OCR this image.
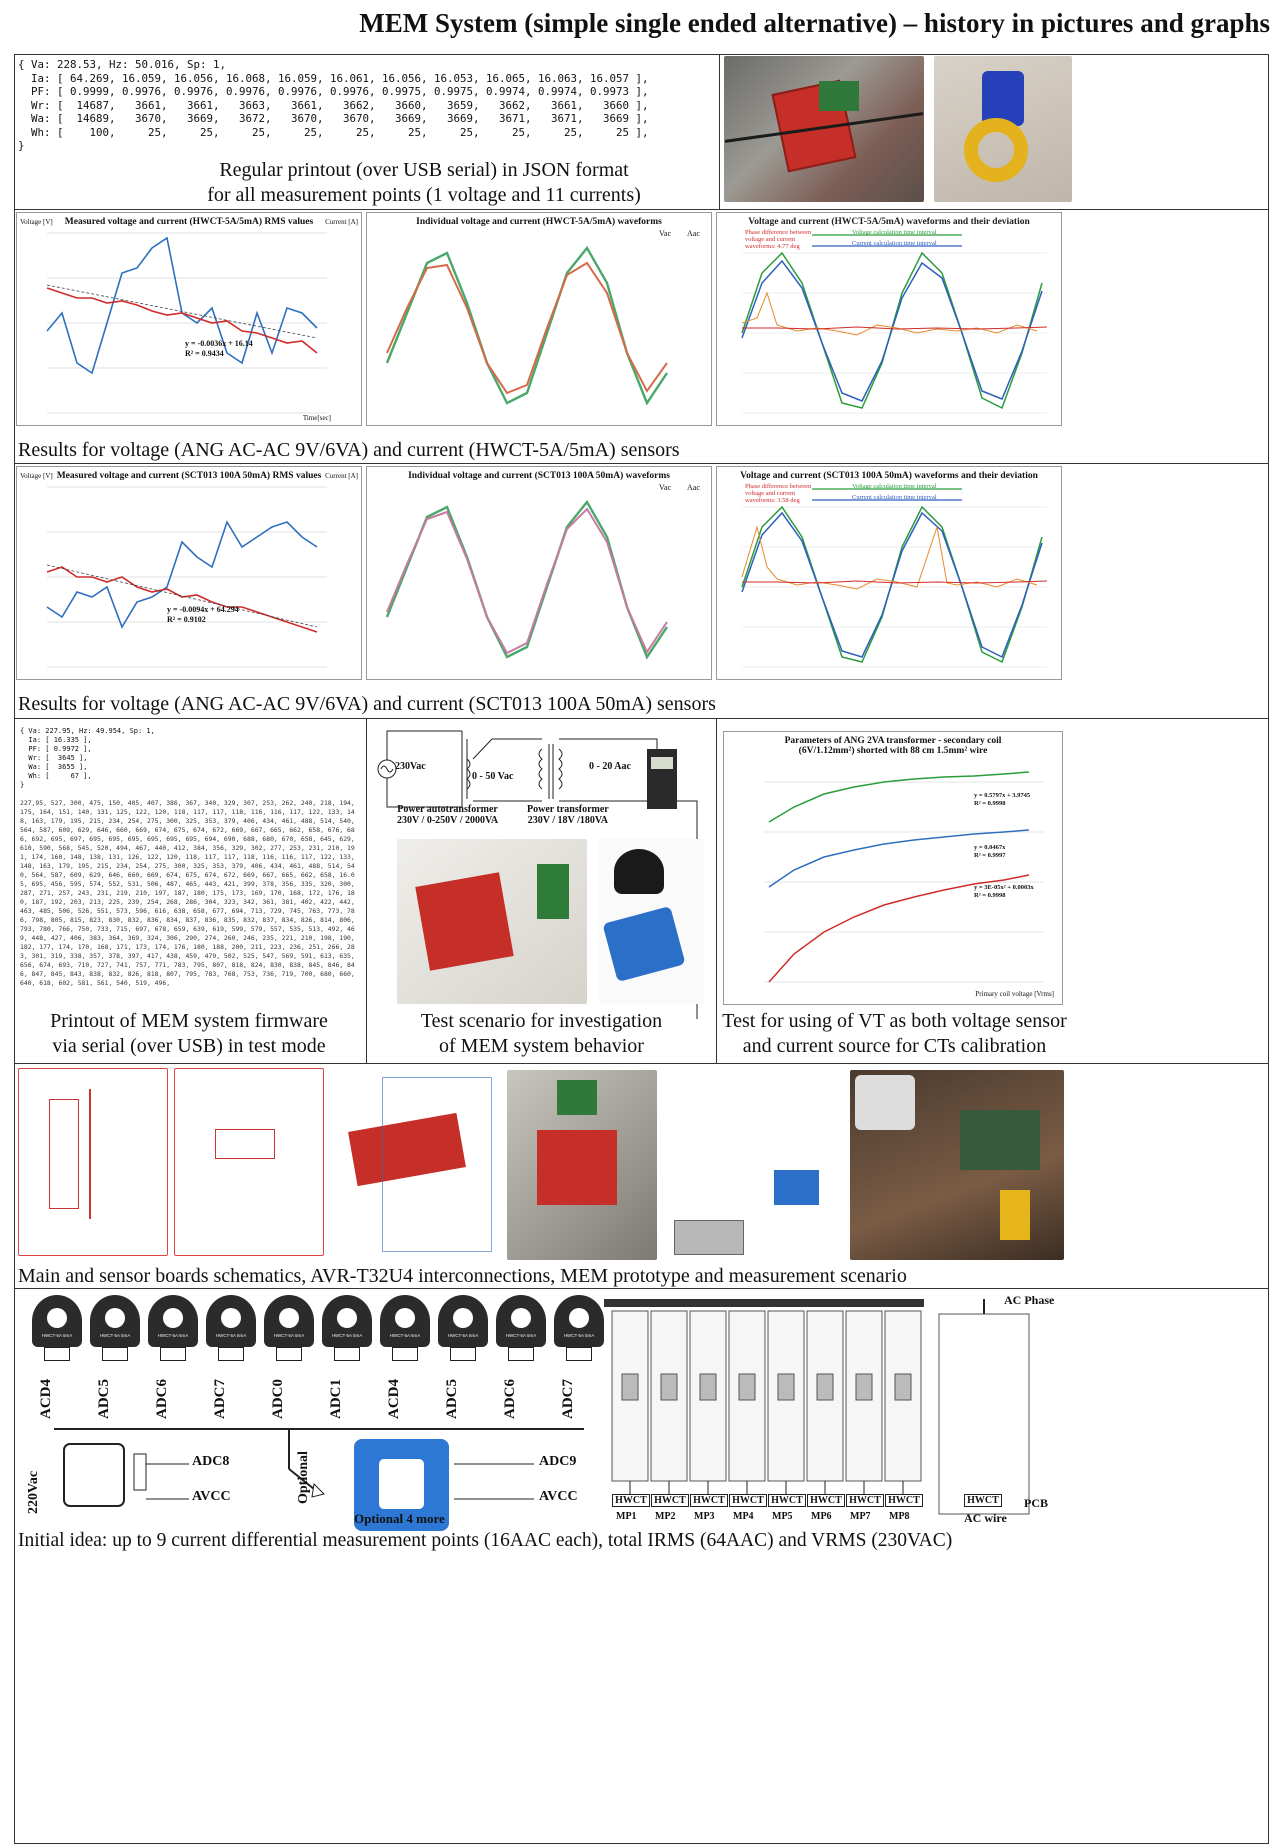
MEM System (simple single ended alternative) – history in pictures and graphs
{ Va: 228.53, Hz: 50.016, Sp: 1,
Ia: [ 64.269, 16.059, 16.056, 16.068, 16.059, 16.061, 16.056, 16.053, 16.065, 16.063, 16.057 ],
PF: [ 0.9999, 0.9976, 0.9976, 0.9976, 0.9976, 0.9976, 0.9975, 0.9975, 0.9974, 0.9974, 0.9973 ],
Wr: [  14687,   3661,   3661,   3663,   3661,   3662,   3660,   3659,   3662,   3661,   3660 ],
Wa: [  14689,   3670,   3669,   3672,   3670,   3670,   3669,   3669,   3671,   3671,   3669 ],
Wh: [    100,     25,     25,     25,     25,     25,     25,     25,     25,     25,     25 ],
}
Regular printout (over USB serial) in JSON format
for all measurement points (1 voltage and 11 currents)
Measured voltage and current (HWCT-5A/5mA) RMS values
y = -0.0036x + 16.14
R² = 0.9434
Voltage [V]	Current [A]
Time[sec]
Individual voltage and current (HWCT-5A/5mA) waveforms
Vac Aac
Voltage and current (HWCT-5A/5mA) waveforms and their deviation
Phase difference between voltage and current waveforms: 4.77 deg
Voltage calculation time interval
Current calculation time interval
Results for voltage (ANG AC-AC 9V/6VA) and current (HWCT-5A/5mA) sensors
Measured voltage and current (SCT013 100A 50mA) RMS values
y = -0.0094x + 64.294
R² = 0.9102
Voltage [V]	Current [A]	Individual voltage and current (SCT013 100A 50mA) waveforms
Vac Aac
Voltage and current (SCT013 100A 50mA) waveforms and their deviation
Phase difference between voltage and current waveforms: 3.58 deg
Voltage calculation time interval
Current calculation time interval
Results for voltage (ANG AC-AC 9V/6VA) and current (SCT013 100A 50mA) sensors
{ Va: 227.95, Hz: 49.954, Sp: 1,
Ia: [ 16.335 ],
PF: [ 0.9972 ],
Wr: [  3645 ],
Wa: [  3655 ],
Wh: [     67 ],
}
227,95, 527, 300, 475, 150, 405, 407, 386, 367, 340, 329, 307, 253, 262, 240, 218, 194, 175, 164, 151, 140, 131, 125, 122, 120, 118, 117, 117, 118, 116, 116, 117, 122, 133, 148, 163, 179, 195, 215, 234, 254, 275, 300, 325, 353, 379, 406, 434, 461, 488, 514, 540, 564, 587, 609, 629, 646, 660, 669, 674, 675, 674, 672, 669, 667, 665, 662, 658, 676, 686, 692, 695, 697, 695, 695, 695, 695, 695, 695, 694, 690, 688, 680, 670, 658, 645, 629, 610, 590, 568, 545, 520, 494, 467, 440, 412, 384, 356, 329, 302, 277, 253, 231, 210, 191, 174, 160, 148, 138, 131, 126, 122, 120, 118, 117, 117, 118, 116, 116, 117, 122, 133, 148, 163, 179, 195, 215, 234, 254, 275, 300, 325, 353, 379, 406, 434, 461, 488, 514, 540, 564, 587, 609, 629, 646, 660, 669, 674, 675, 674, 672, 669, 667, 665, 662, 658, 16.05, 695, 456, 595, 574, 552, 531, 506, 487, 465, 443, 421, 399, 378, 356, 335, 320, 300, 287, 271, 257, 243, 231, 219, 210, 197, 187, 180, 175, 173, 169, 170, 168, 172, 176, 180, 187, 192, 203, 213, 225, 239, 254, 268, 286, 304, 323, 342, 361, 381, 402, 422, 442, 463, 485, 506, 526, 551, 573, 596, 616, 638, 658, 677, 694, 713, 729, 745, 763, 773, 786, 798, 805, 815, 823, 830, 832, 836, 834, 837, 836, 835, 832, 837, 834, 826, 814, 806, 793, 780, 766, 750, 733, 715, 697, 678, 659, 639, 619, 599, 579, 557, 535, 513, 492, 469, 448, 427, 406, 383, 364, 369, 324, 306, 290, 274, 260, 246, 235, 221, 210, 198, 190, 182, 177, 174, 170, 168, 171, 173, 174, 176, 180, 188, 200, 211, 223, 236, 251, 266, 283, 301, 319, 338, 357, 378, 397, 417, 438, 459, 479, 502, 525, 547, 569, 591, 613, 635, 656, 674, 693, 710, 727, 741, 757, 771, 783, 795, 807, 818, 824, 830, 838, 845, 846, 846, 847, 845, 843, 838, 832, 826, 818, 807, 795, 783, 768, 753, 736, 719, 700, 680, 660, 640, 618, 602, 581, 561, 540, 519, 496,
Printout of MEM system firmware
via serial (over USB) in test mode
230Vac
0 - 50 Vac
0 - 20 Aac
Power autotransformer
230V / 0-250V / 2000VA
Power transformer
230V / 18V /180VA
Test scenario for investigation
of MEM system behavior
Parameters of ANG 2VA transformer - secondary coil (6V/1.12mm²) shorted with 88 cm 1.5mm² wire
y = 0.5797x + 3.9745
R² = 0.9998
y = 0.0467x
R² = 0.9997
y = 3E-05x² + 0.0003x
R² = 0.9998
Primary coil voltage [Vrms]
Test for using of VT as both voltage sensor
and current source for CTs calibration
Main and sensor boards schematics, AVR-T32U4 interconnections, MEM prototype and measurement scenario
220Vac
ADC8
AVCC
ADC9
AVCC
Optional
Optional 4 more
AC Phase
AC wire
PCB
Initial idea: up to 9 current differential measurement points (16AAC each), total IRMS (64AAC) and VRMS (230VAC)
HWCT-5A 5mA
ACD4
HWCT-5A 5mA
ADC5
HWCT-5A 5mA
ADC6
HWCT-5A 5mA
ADC7
HWCT-5A 5mA
ADC0
HWCT-5A 5mA
ADC1
HWCT-5A 5mA
ACD4
HWCT-5A 5mA
ADC5
HWCT-5A 5mA
ADC6
HWCT-5A 5mA
ADC7
HWCT
MP1
HWCT
MP2
HWCT
MP3
HWCT
MP4
HWCT
MP5
HWCT
MP6
HWCT
MP7
HWCT
MP8
HWCT
